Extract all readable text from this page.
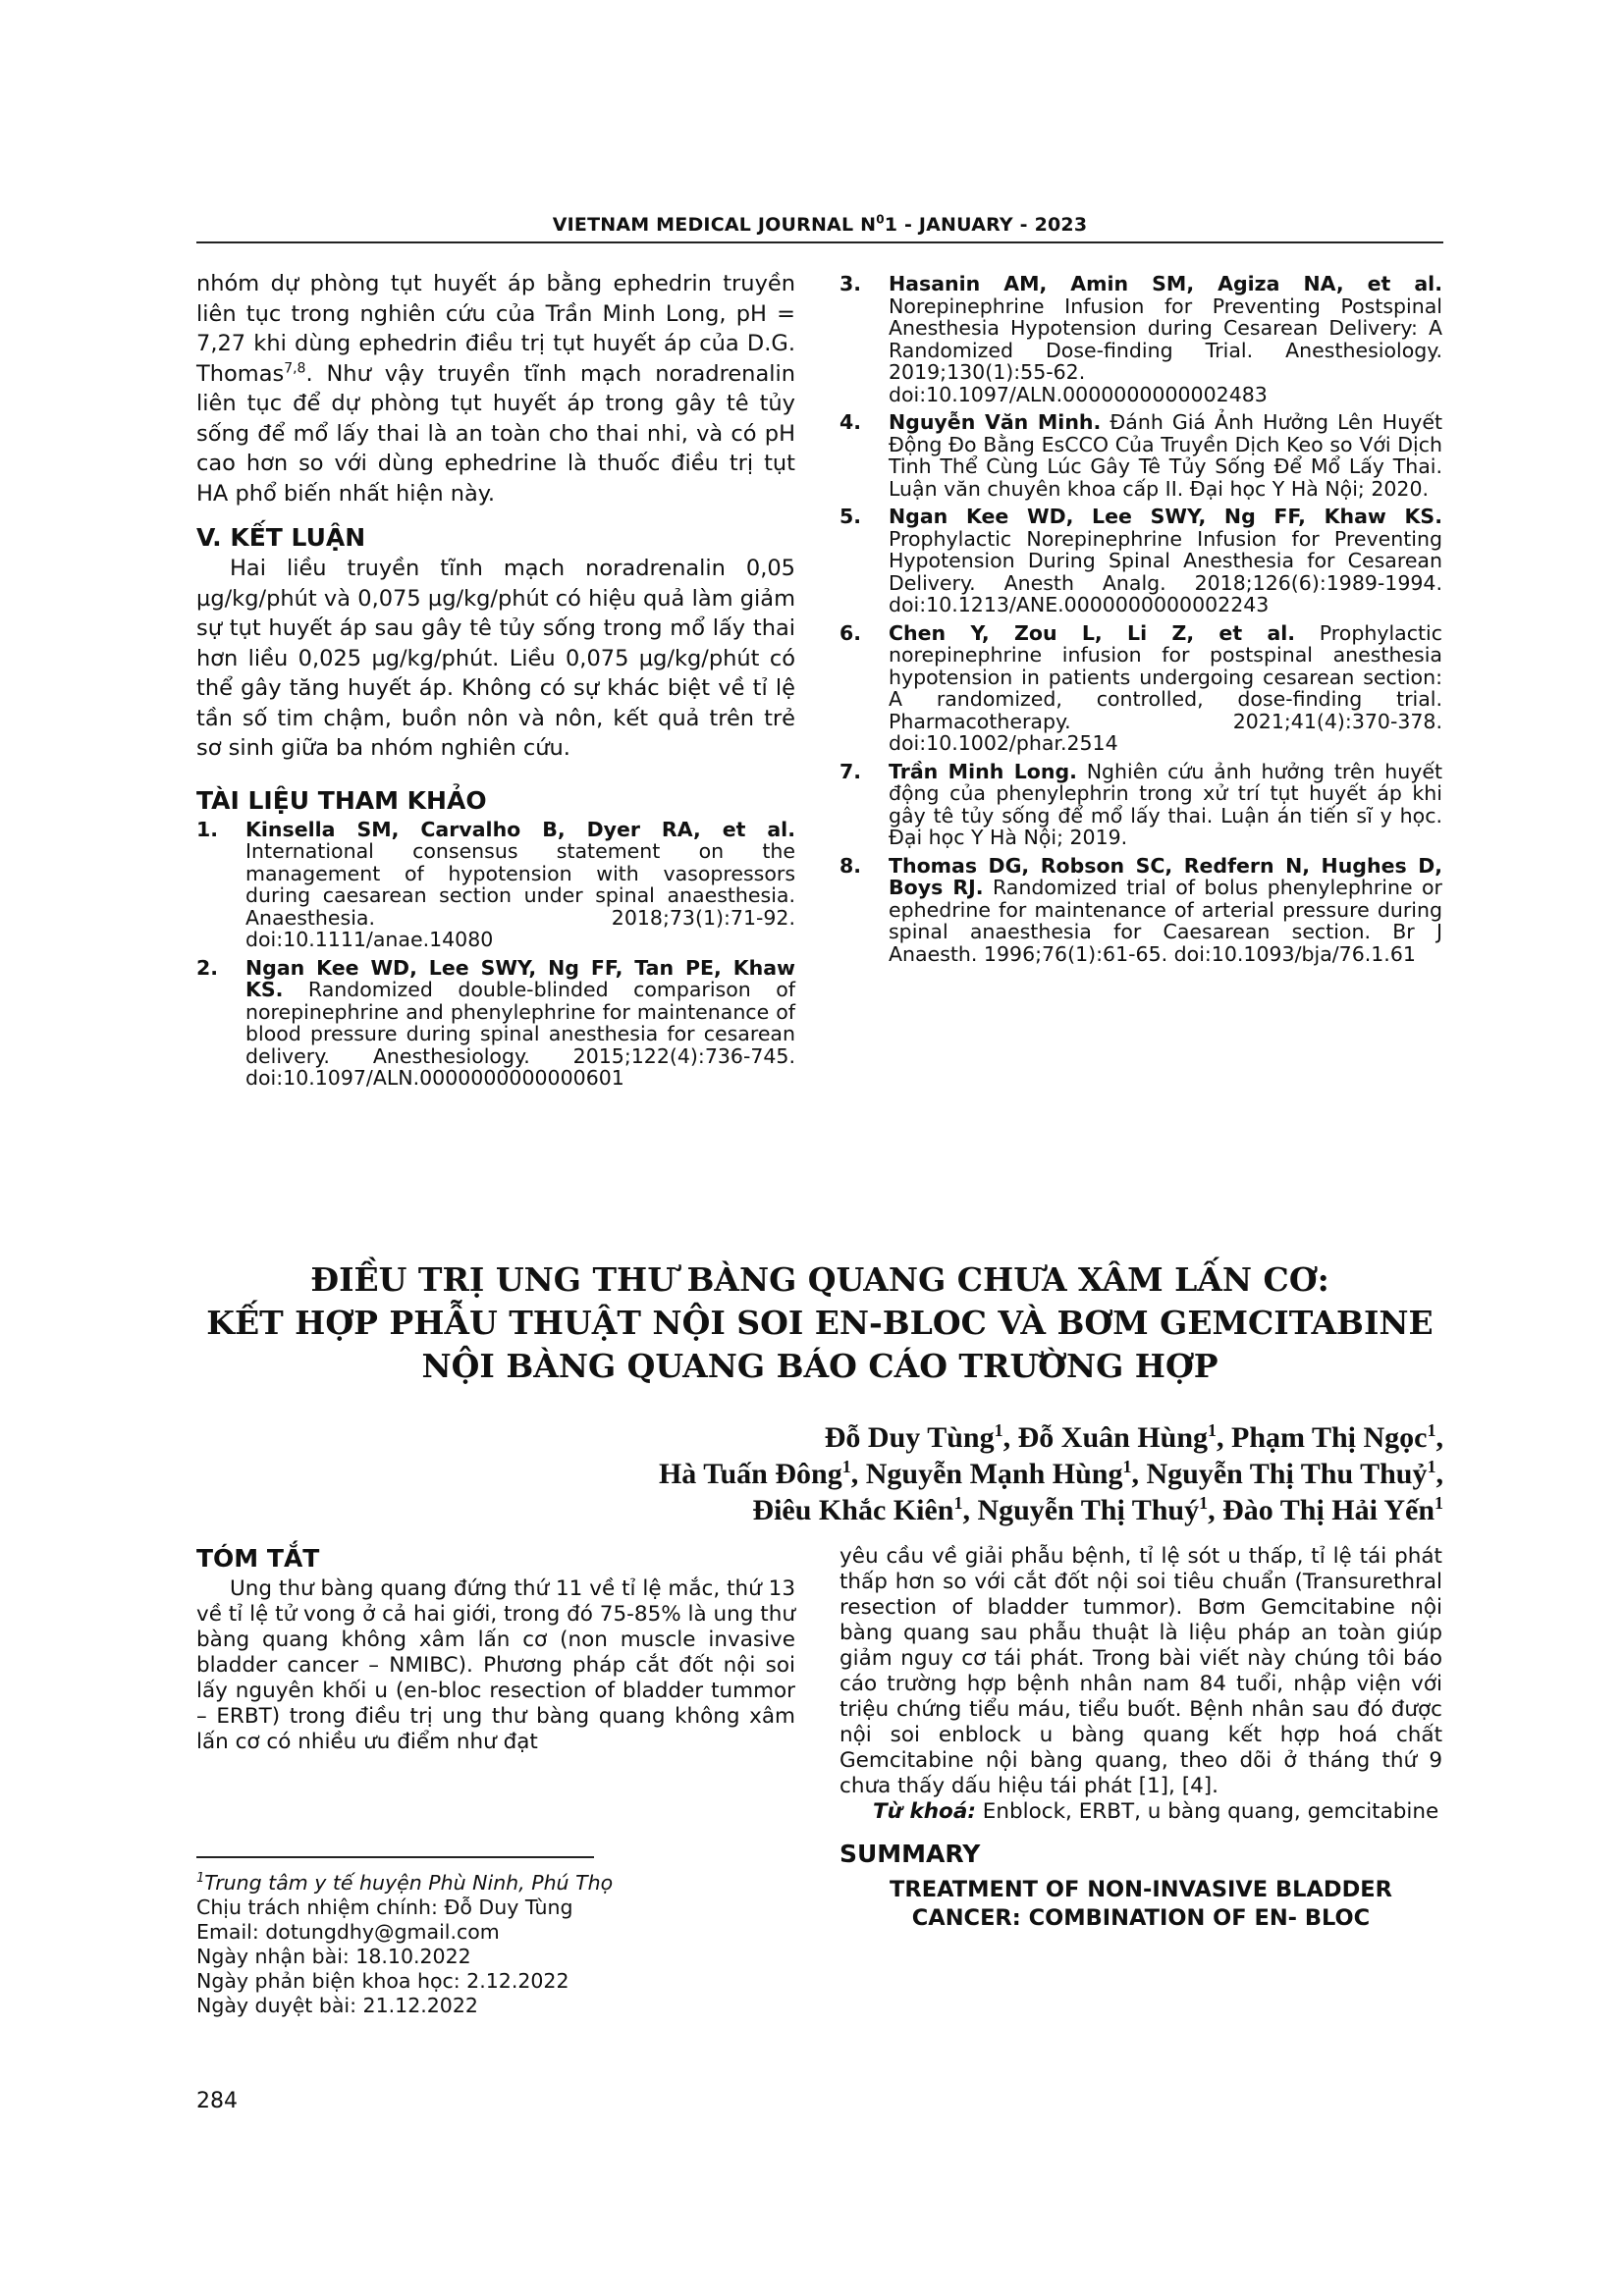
VIETNAM MEDICAL JOURNAL $N^01$ - JANUARY - 2023
nhóm dự phòng tụt huyết áp bằng ephedrin truyền liên tục trong nghiên cứu của Trần Minh Long, pH = 7,27 khi dùng ephedrin điều trị tụt huyết áp của D.G. Thomas$^{7,8}$. Như vậy truyền tĩnh mạch noradrenalin liên tục để dự phòng tụt huyết áp trong gây tê tủy sống để mổ lấy thai là an toàn cho thai nhi, và có pH cao hơn so với dùng ephedrine là thuốc điều trị tụt HA phổ biến nhất hiện này.

V. KẾT LUẬN

Hai liều truyền tĩnh mạch noradrenalin 0,05 µg/kg/phút và 0,075 µg/kg/phút có hiệu quả làm giảm sự tụt huyết áp sau gây tê tủy sống trong mổ lấy thai hơn liều 0,025 µg/kg/phút. Liều 0,075 µg/kg/phút có thể gây tăng huyết áp. Không có sự khác biệt về tỉ lệ tần số tim chậm, buồn nôn và nôn, kết quả trên trẻ sơ sinh giữa ba nhóm nghiên cứu.

TÀI LIỆU THAM KHẢO

1. Kinsella SM, Carvalho B, Dyer RA, et al. International consensus statement on the management of hypotension with vasopressors during caesarean section under spinal anaesthesia. Anaesthesia. 2018;73(1):71-92. doi:10.1111/anae.14080
2. Ngan Kee WD, Lee SWY, Ng FF, Tan PE, Khaw KS. Randomized double-blinded comparison of norepinephrine and phenylephrine for maintenance of blood pressure during spinal anesthesia for cesarean delivery. Anesthesiology. 2015;122(4):736-745. doi:10.1097/ALN.0000000000000601
3. Hasanin AM, Amin SM, Agiza NA, et al. Norepinephrine Infusion for Preventing Postspinal Anesthesia Hypotension during Cesarean Delivery: A Randomized Dose-finding Trial. Anesthesiology. 2019;130(1):55-62. doi:10.1097/ALN.0000000000002483
4. Nguyễn Văn Minh. Đánh Giá Ảnh Hưởng Lên Huyết Động Đo Bằng EsCCO Của Truyền Dịch Keo so Với Dịch Tinh Thể Cùng Lúc Gây Tê Tủy Sống Để Mổ Lấy Thai. Luận văn chuyên khoa cấp II. Đại học Y Hà Nội; 2020.
5. Ngan Kee WD, Lee SWY, Ng FF, Khaw KS. Prophylactic Norepinephrine Infusion for Preventing Hypotension During Spinal Anesthesia for Cesarean Delivery. Anesth Analg. 2018;126(6):1989-1994. doi:10.1213/ANE.0000000000002243
6. Chen Y, Zou L, Li Z, et al. Prophylactic norepinephrine infusion for postspinal anesthesia hypotension in patients undergoing cesarean section: A randomized, controlled, dose-finding trial. Pharmacotherapy. 2021;41(4):370-378. doi:10.1002/phar.2514
7. Trần Minh Long. Nghiên cứu ảnh hưởng trên huyết động của phenylephrin trong xử trí tụt huyết áp khi gây tê tủy sống để mổ lấy thai. Luận án tiến sĩ y học. Đại học Y Hà Nội; 2019.
8. Thomas DG, Robson SC, Redfern N, Hughes D, Boys RJ. Randomized trial of bolus phenylephrine or ephedrine for maintenance of arterial pressure during spinal anaesthesia for Caesarean section. Br J Anaesth. 1996;76(1):61-65. doi:10.1093/bja/76.1.61
ĐIỀU TRỊ UNG THƯ BÀNG QUANG CHƯA XÂM LẤN CƠ:
KẾT HỢP PHẪU THUẬT NỘI SOI EN-BLOC VÀ BƠM GEMCITABINE
NỘI BÀNG QUANG BÁO CÁO TRƯỜNG HỢP
Đỗ Duy Tùng$^1$, Đỗ Xuân Hùng$^1$, Phạm Thị Ngọc$^1$,
Hà Tuấn Đông$^1$, Nguyễn Mạnh Hùng$^1$, Nguyễn Thị Thu Thuỷ$^1$,
Điêu Khắc Kiên$^1$, Nguyễn Thị Thuý$^1$, Đào Thị Hải Yến$^1$

TÓM TẮT

Ung thư bàng quang đứng thứ 11 về tỉ lệ mắc, thứ 13 về tỉ lệ tử vong ở cả hai giới, trong đó 75-85% là ung thư bàng quang không xâm lấn cơ (non muscle invasive bladder cancer – NMIBC). Phương pháp cắt đốt nội soi lấy nguyên khối u (en-bloc resection of bladder tummor – ERBT) trong điều trị ung thư bàng quang không xâm lấn cơ có nhiều ưu điểm như đạt
$^1$Trung tâm y tế huyện Phù Ninh, Phú Thọ
Chịu trách nhiệm chính: Đỗ Duy Tùng
Email: dotungdhy@gmail.com
Ngày nhận bài: 18.10.2022
Ngày phản biện khoa học: 2.12.2022
Ngày duyệt bài: 21.12.2022
yêu cầu về giải phẫu bệnh, tỉ lệ sót u thấp, tỉ lệ tái phát thấp hơn so với cắt đốt nội soi tiêu chuẩn (Transurethral resection of bladder tummor). Bơm Gemcitabine nội bàng quang sau phẫu thuật là liệu pháp an toàn giúp giảm nguy cơ tái phát. Trong bài viết này chúng tôi báo cáo trường hợp bệnh nhân nam 84 tuổi, nhập viện với triệu chứng tiểu máu, tiểu buốt. Bệnh nhân sau đó được nội soi enblock u bàng quang kết hợp hoá chất Gemcitabine nội bàng quang, theo dõi ở tháng thứ 9 chưa thấy dấu hiệu tái phát [1], [4].
Từ khoá: Enblock, ERBT, u bàng quang, gemcitabine

SUMMARY

TREATMENT OF NON-INVASIVE BLADDER
CANCER: COMBINATION OF EN- BLOC
284
